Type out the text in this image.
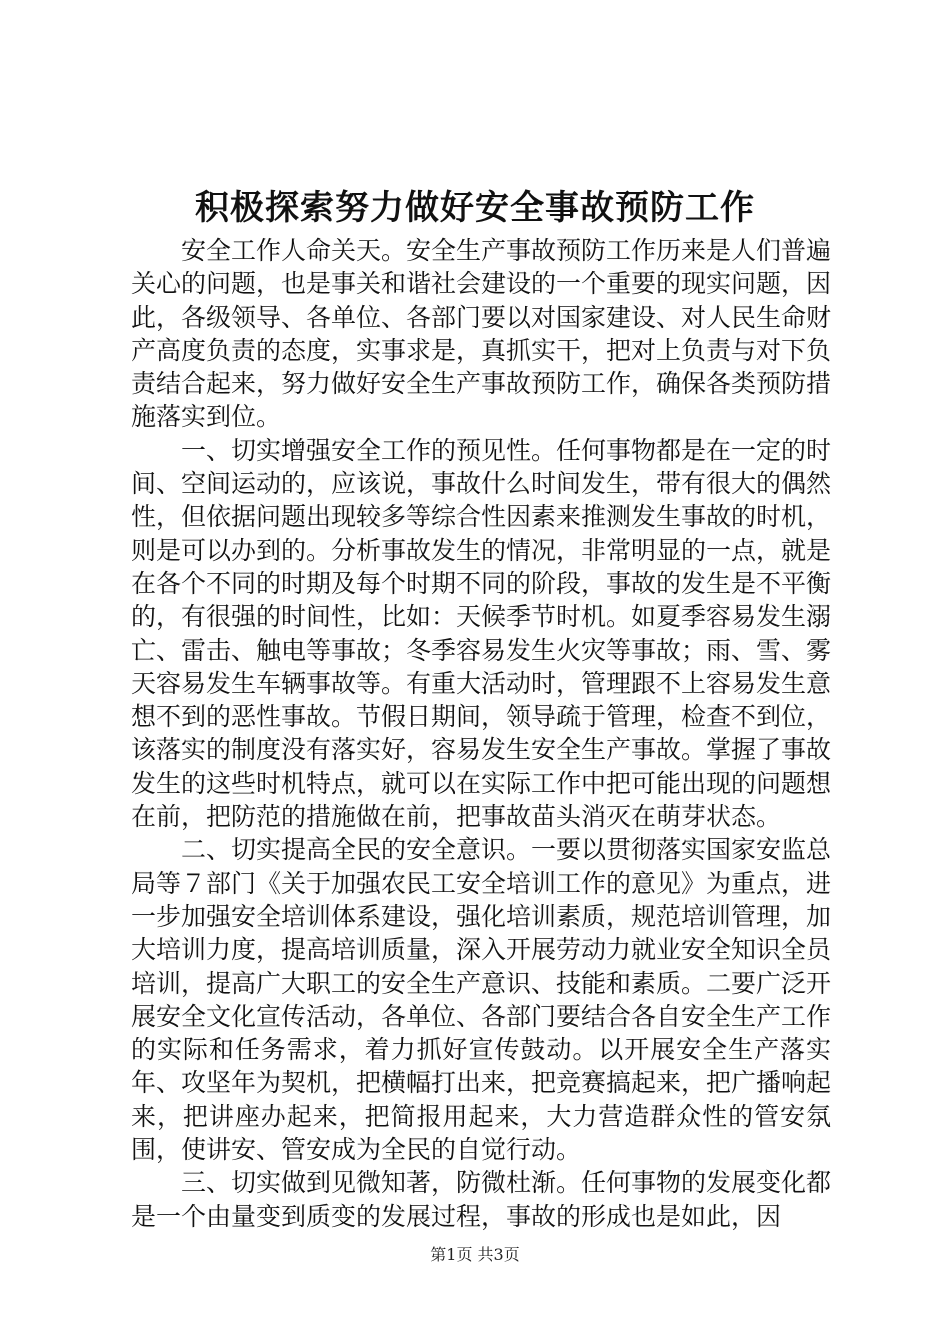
积极探索努力做好安全事故预防工作

安全工作人命关天。安全生产事故预防工作历来是人们普遍关心的问题，也是事关和谐社会建设的一个重要的现实问题，因此，各级领导、各单位、各部门要以对国家建设、对人民生命财产高度负责的态度，实事求是，真抓实干，把对上负责与对下负责结合起来，努力做好安全生产事故预防工作，确保各类预防措施落实到位。

一、切实增强安全工作的预见性。任何事物都是在一定的时间、空间运动的，应该说，事故什么时间发生，带有很大的偶然性，但依据问题出现较多等综合性因素来推测发生事故的时机，则是可以办到的。分析事故发生的情况，非常明显的一点，就是在各个不同的时期及每个时期不同的阶段，事故的发生是不平衡的，有很强的时间性，比如：天候季节时机。如夏季容易发生溺亡、雷击、触电等事故；冬季容易发生火灾等事故；雨、雪、雾天容易发生车辆事故等。有重大活动时，管理跟不上容易发生意想不到的恶性事故。节假日期间，领导疏于管理，检查不到位，该落实的制度没有落实好，容易发生安全生产事故。掌握了事故发生的这些时机特点，就可以在实际工作中把可能出现的问题想在前，把防范的措施做在前，把事故苗头消灭在萌芽状态。

二、切实提高全民的安全意识。一要以贯彻落实国家安监总局等７部门《关于加强农民工安全培训工作的意见》为重点，进一步加强安全培训体系建设，强化培训素质，规范培训管理，加大培训力度，提高培训质量，深入开展劳动力就业安全知识全员培训，提高广大职工的安全生产意识、技能和素质。二要广泛开展安全文化宣传活动，各单位、各部门要结合各自安全生产工作的实际和任务需求，着力抓好宣传鼓动。以开展安全生产落实年、攻坚年为契机，把横幅打出来，把竞赛搞起来，把广播响起来，把讲座办起来，把简报用起来，大力营造群众性的管安氛围，使讲安、管安成为全民的自觉行动。

三、切实做到见微知著，防微杜渐。任何事物的发展变化都是一个由量变到质变的发展过程，事故的形成也是如此，因

第1页 共3页
